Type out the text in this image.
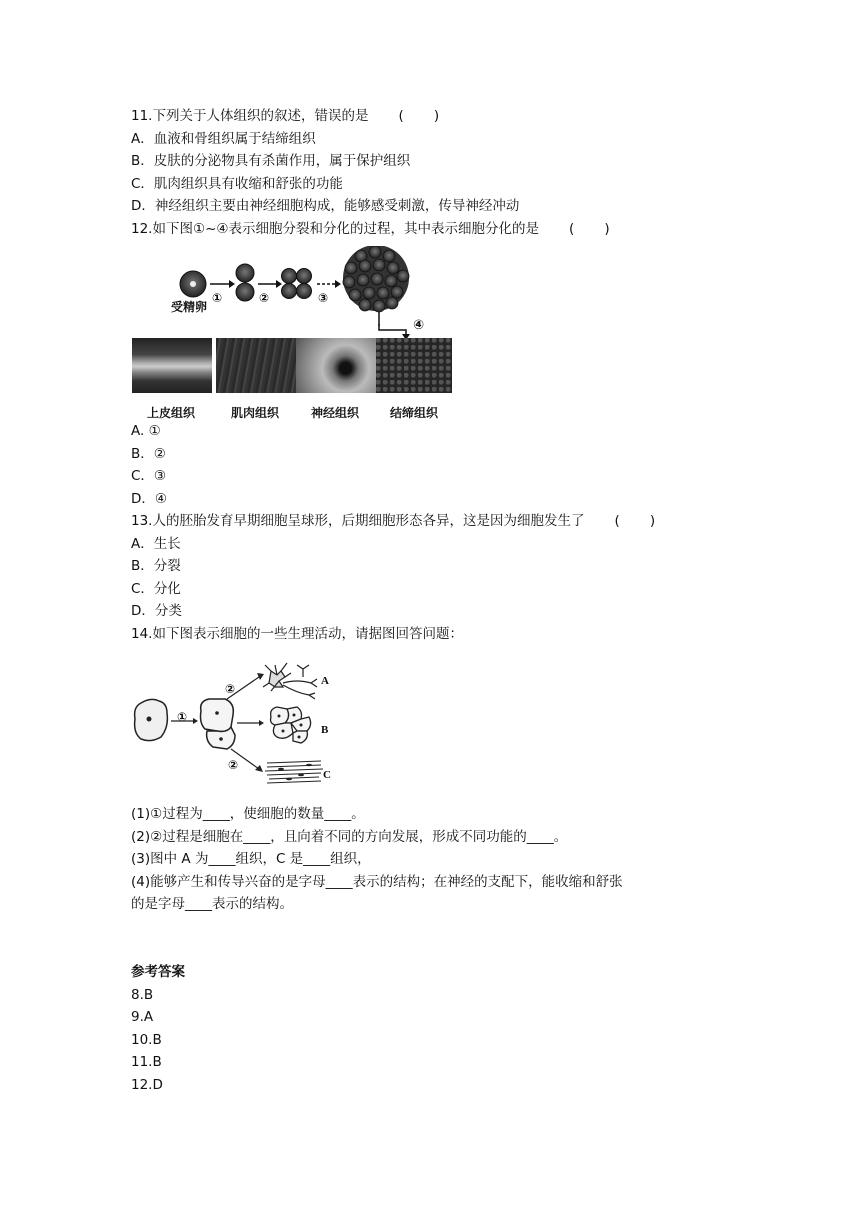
11.下列关于人体组织的叙述，错误的是       (       )
A．血液和骨组织属于结缔组织
B．皮肤的分泌物具有杀菌作用，属于保护组织
C．肌肉组织具有收缩和舒张的功能
D．神经组织主要由神经细胞构成，能够感受刺激，传导神经冲动
12.如下图①~④表示细胞分裂和分化的过程，其中表示细胞分化的是       (       )
①	②	③
④
受精卵
上皮组织	肌肉组织	神经组织	结缔组织
A. ①
B．②
C．③
D．④
13.人的胚胎发育早期细胞呈球形，后期细胞形态各异，这是因为细胞发生了       (       )
A．生长
B．分裂
C．分化
D．分类
14.如下图表示细胞的一些生理活动，请据图回答问题：
①
②
②
A
B
C
(1)①过程为____，使细胞的数量____。
(2)②过程是细胞在____，且向着不同的方向发展，形成不同功能的____。
(3)图中 A 为____组织，C 是____组织，
(4)能够产生和传导兴奋的是字母____表示的结构；在神经的支配下，能收缩和舒张
的是字母____表示的结构。
参考答案
8.B
9.A
10.B
11.B
12.D
